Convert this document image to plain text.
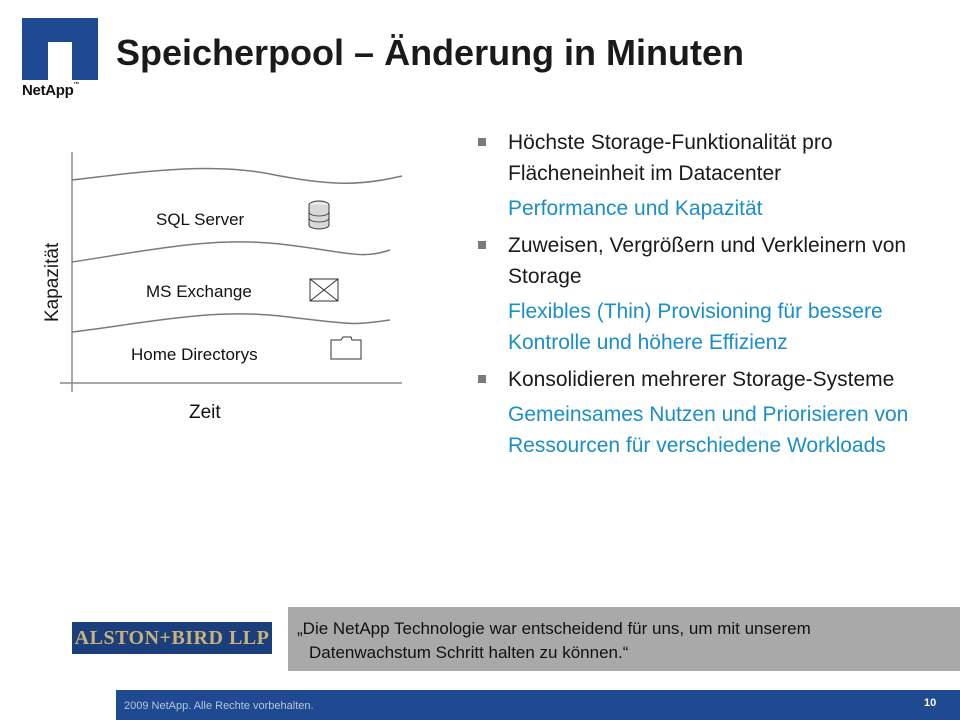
NetApp™
Speicherpool – Änderung in Minuten
SQL Server
MS Exchange
Home Directorys
Zeit
Kapazität
Höchste Storage-Funktionalität pro Flächeneinheit im Datacenter
Performance und Kapazität
Zuweisen, Vergrößern und Verkleinern von Storage
Flexibles (Thin) Provisioning für bessere Kontrolle und höhere Effizienz
Konsolidieren mehrerer Storage-Systeme
Gemeinsames Nutzen und Priorisieren von Ressourcen für verschiedene Workloads
ALSTON+BIRD LLP „Die NetApp Technologie war entscheidend für uns, um mit unserem
Datenwachstum Schritt halten zu können.“
2009 NetApp. Alle Rechte vorbehalten.	10
